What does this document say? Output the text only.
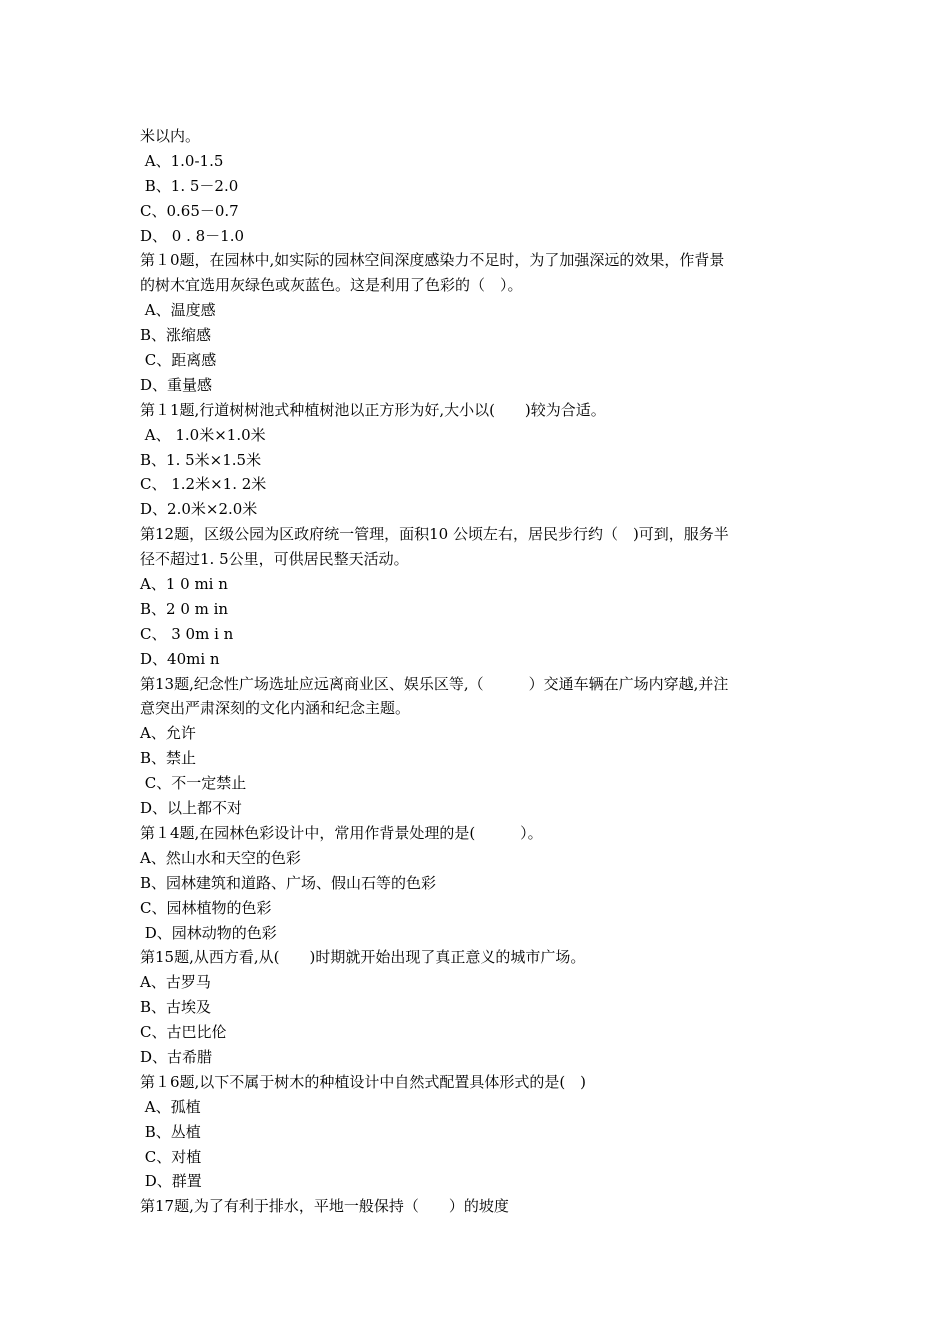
米以内。
A、1.0-1.5
B、1. 5－2.0
C、0.65－0.7
D、 0 . 8－1.0
第１0题，在园林中,如实际的园林空间深度感染力不足时，为了加强深远的效果，作背景
的树木宜选用灰绿色或灰蓝色。这是利用了色彩的（　）。
A、温度感
B、涨缩感
C、距离感
D、重量感
第１1题,行道树树池式种植树池以正方形为好,大小以(　　)较为合适。
A、 1.0米×1.0米
B、1. 5米×1.5米
C、 1.2米×1. 2米
D、2.0米×2.0米
第12题，区级公园为区政府统一管理，面积10 公顷左右，居民步行约（　)可到，服务半
径不超过1. 5公里，可供居民整天活动。
A、1 0 mi n
B、2 0 m in
C、 3 0m i n
D、40mi n
第13题,纪念性广场选址应远离商业区、娱乐区等,（　　　）交通车辆在广场内穿越,并注
意突出严肃深刻的文化内涵和纪念主题。
A、允许
B、禁止
C、不一定禁止
D、以上都不对
第１4题,在园林色彩设计中，常用作背景处理的是(　　　）。
A、然山水和天空的色彩
B、园林建筑和道路、广场、假山石等的色彩
C、园林植物的色彩
D、园林动物的色彩
第15题,从西方看,从(　　)时期就开始出现了真正意义的城市广场。
A、古罗马
B、古埃及
C、古巴比伦
D、古希腊
第１6题,以下不属于树木的种植设计中自然式配置具体形式的是(　)
A、孤植
B、丛植
C、对植
D、群置
第17题,为了有利于排水，平地一般保持（　　）的坡度
